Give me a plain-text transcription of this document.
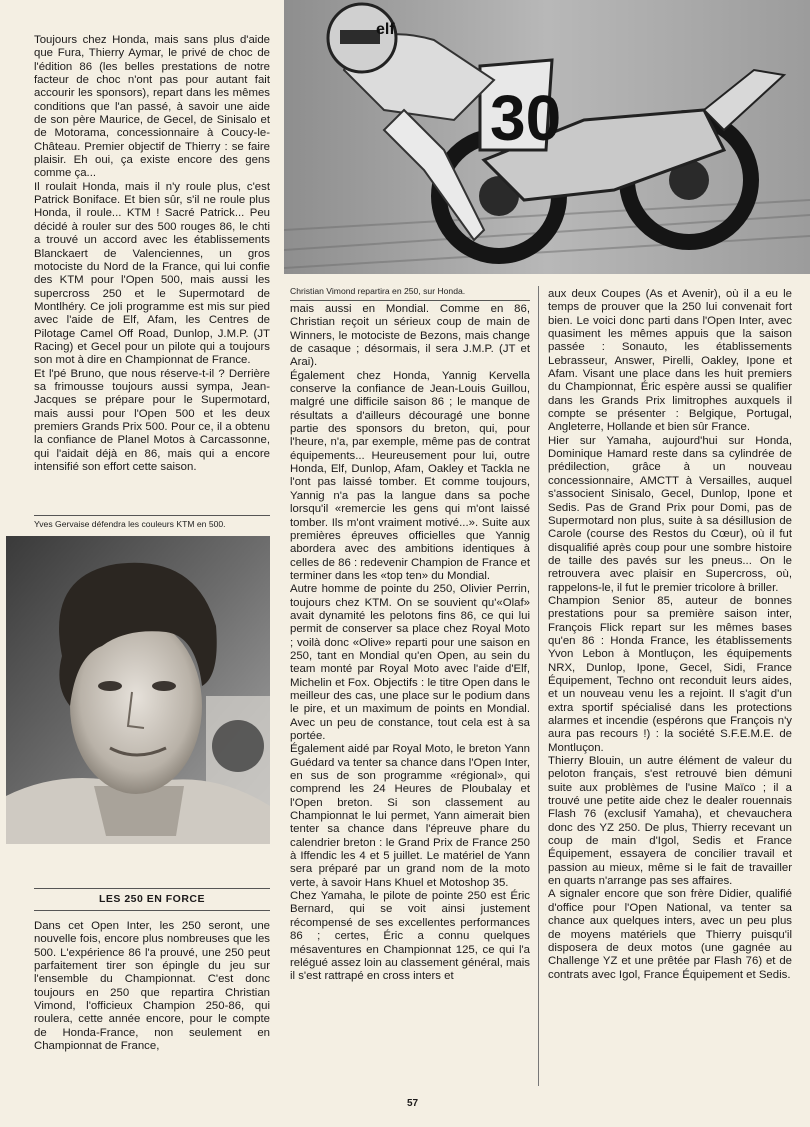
Toujours chez Honda, mais sans plus d'aide que Fura, Thierry Aymar, le privé de choc de l'édition 86 (les belles prestations de notre facteur de choc n'ont pas pour autant fait accourir les sponsors), repart dans les mêmes conditions que l'an passé, à savoir une aide de son père Maurice, de Gecel, de Sinisalo et de Motorama, concessionnaire à Coucy-le-Château. Premier objectif de Thierry : se faire plaisir. Eh oui, ça existe encore des gens comme ça...

Il roulait Honda, mais il n'y roule plus, c'est Patrick Boniface. Et bien sûr, s'il ne roule plus Honda, il roule... KTM ! Sacré Patrick... Peu décidé à rouler sur des 500 rouges 86, le chti a trouvé un accord avec les établissements Blanckaert de Valenciennes, un gros motociste du Nord de la France, qui lui confie des KTM pour l'Open 500, mais aussi les supercross 250 et le Supermotard de Montlhéry. Ce joli programme est mis sur pied avec l'aide de Elf, Afam, les Centres de Pilotage Camel Off Road, Dunlop, J.M.P. (JT Racing) et Gecel pour un pilote qui a toujours son mot à dire en Championnat de France.

Et l'pé Bruno, que nous réserve-t-il ? Derrière sa frimousse toujours aussi sympa, Jean-Jacques se prépare pour le Supermotard, mais aussi pour l'Open 500 et les deux premiers Grands Prix 500. Pour ce, il a obtenu la confiance de Planel Motos à Carcassonne, qui l'aidait déjà en 86, mais qui a encore intensifié son effort cette saison.

Yves Gervaise défendra les couleurs KTM en 500.
LES 250 EN FORCE

Dans cet Open Inter, les 250 seront, une nouvelle fois, encore plus nombreuses que les 500. L'expérience 86 l'a prouvé, une 250 peut parfaitement tirer son épingle du jeu sur l'ensemble du Championnat. C'est donc toujours en 250 que repartira Christian Vimond, l'officieux Champion 250-86, qui roulera, cette année encore, pour le compte de Honda-France, non seulement en Championnat de France,

30
elf
Christian Vimond repartira en 250, sur Honda.

mais aussi en Mondial. Comme en 86, Christian reçoit un sérieux coup de main de Winners, le motociste de Bezons, mais change de casaque ; désormais, il sera J.M.P. (JT et Arai).

Également chez Honda, Yannig Kervella conserve la confiance de Jean-Louis Guillou, malgré une difficile saison 86 ; le manque de résultats a d'ailleurs découragé une bonne partie des sponsors du breton, qui, pour l'heure, n'a, par exemple, même pas de contrat équipements... Heureusement pour lui, outre Honda, Elf, Dunlop, Afam, Oakley et Tackla ne l'ont pas laissé tomber. Et comme toujours, Yannig n'a pas la langue dans sa poche lorsqu'il «remercie les gens qui m'ont laissé tomber. Ils m'ont vraiment motivé...». Suite aux premières épreuves officielles que Yannig abordera avec des ambitions identiques à celles de 86 : redevenir Champion de France et terminer dans les «top ten» du Mondial.

Autre homme de pointe du 250, Olivier Perrin, toujours chez KTM. On se souvient qu'«Olaf» avait dynamité les pelotons fins 86, ce qui lui permit de conserver sa place chez Royal Moto ; voilà donc «Olive» reparti pour une saison en 250, tant en Mondial qu'en Open, au sein du team monté par Royal Moto avec l'aide d'Elf, Michelin et Fox. Objectifs : le titre Open dans le meilleur des cas, une place sur le podium dans le pire, et un maximum de points en Mondial. Avec un peu de constance, tout cela est à sa portée.

Également aidé par Royal Moto, le breton Yann Guédard va tenter sa chance dans l'Open Inter, en sus de son programme «régional», qui comprend les 24 Heures de Ploubalay et l'Open breton. Si son classement au Championnat le lui permet, Yann aimerait bien tenter sa chance dans l'épreuve phare du calendrier breton : le Grand Prix de France 250 à Iffendic les 4 et 5 juillet. Le matériel de Yann sera préparé par un grand nom de la moto verte, à savoir Hans Khuel et Motoshop 35.

Chez Yamaha, le pilote de pointe 250 est Éric Bernard, qui se voit ainsi justement récompensé de ses excellentes performances 86 ; certes, Éric a connu quelques mésaventures en Championnat 125, ce qui l'a relégué assez loin au classement général, mais il s'est rattrapé en cross inters et

aux deux Coupes (As et Avenir), où il a eu le temps de prouver que la 250 lui convenait fort bien. Le voici donc parti dans l'Open Inter, avec quasiment les mêmes appuis que la saison passée : Sonauto, les établissements Lebrasseur, Answer, Pirelli, Oakley, Ipone et Afam. Visant une place dans les huit premiers du Championnat, Éric espère aussi se qualifier dans les Grands Prix limitrophes auxquels il compte se présenter : Belgique, Portugal, Angleterre, Hollande et bien sûr France.

Hier sur Yamaha, aujourd'hui sur Honda, Dominique Hamard reste dans sa cylindrée de prédilection, grâce à un nouveau concessionnaire, AMCTT à Versailles, auquel s'associent Sinisalo, Gecel, Dunlop, Ipone et Sedis. Pas de Grand Prix pour Domi, pas de Supermotard non plus, suite à sa désillusion de Carole (course des Restos du Cœur), où il fut disqualifié après coup pour une sombre histoire de taille des pavés sur les pneus... On le retrouvera avec plaisir en Supercross, où, rappelons-le, il fut le premier tricolore à briller.

Champion Senior 85, auteur de bonnes prestations pour sa première saison inter, François Flick repart sur les mêmes bases qu'en 86 : Honda France, les établissements Yvon Lebon à Montluçon, les équipements NRX, Dunlop, Ipone, Gecel, Sidi, France Équipement, Techno ont reconduit leurs aides, et un nouveau venu les a rejoint. Il s'agit d'un extra sportif spécialisé dans les protections alarmes et incendie (espérons que François n'y aura pas recours !) : la société S.F.E.M.E. de Montluçon.

Thierry Blouin, un autre élément de valeur du peloton français, s'est retrouvé bien démuni suite aux problèmes de l'usine Maïco ; il a trouvé une petite aide chez le dealer rouennais Flash 76 (exclusif Yamaha), et chevauchera donc des YZ 250. De plus, Thierry recevant un coup de main d'Igol, Sedis et France Équipement, essayera de concilier travail et passion au mieux, même si le fait de travailler en quarts n'arrange pas ses affaires.

A signaler encore que son frère Didier, qualifié d'office pour l'Open National, va tenter sa chance aux quelques inters, avec un peu plus de moyens matériels que Thierry puisqu'il disposera de deux motos (une gagnée au Challenge YZ et une prêtée par Flash 76) et de contrats avec Igol, France Équipement et Sedis.

57
